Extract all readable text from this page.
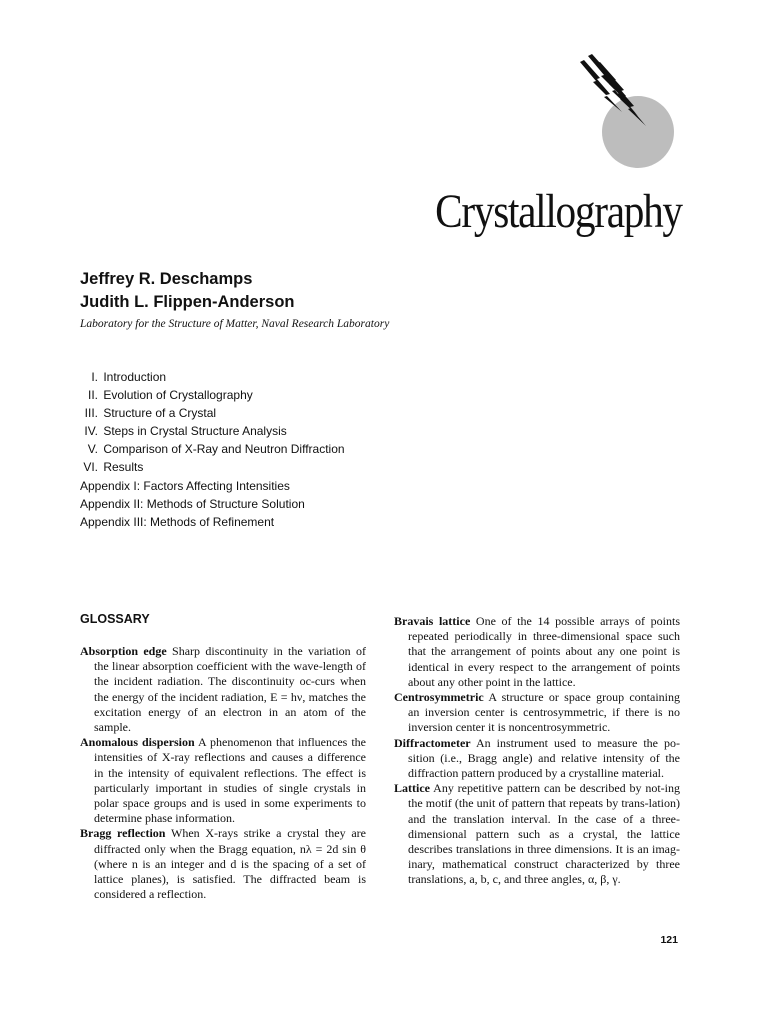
Crystallography
Jeffrey R. Deschamps
Judith L. Flippen-Anderson
Laboratory for the Structure of Matter, Naval Research Laboratory
I. Introduction
II. Evolution of Crystallography
III. Structure of a Crystal
IV. Steps in Crystal Structure Analysis
V. Comparison of X-Ray and Neutron Diffraction
VI. Results
Appendix I: Factors Affecting Intensities
Appendix II: Methods of Structure Solution
Appendix III: Methods of Refinement
GLOSSARY
Absorption edge Sharp discontinuity in the variation of the linear absorption coefficient with the wave-length of the incident radiation. The discontinuity oc-curs when the energy of the incident radiation, E = hν, matches the excitation energy of an electron in an atom of the sample.
Anomalous dispersion A phenomenon that influences the intensities of X-ray reflections and causes a difference in the intensity of equivalent reflections. The effect is particularly important in studies of single crystals in polar space groups and is used in some experiments to determine phase information.
Bragg reflection When X-rays strike a crystal they are diffracted only when the Bragg equation, nλ = 2d sin θ (where n is an integer and d is the spacing of a set of lattice planes), is satisfied. The diffracted beam is considered a reflection.
Bravais lattice One of the 14 possible arrays of points repeated periodically in three-dimensional space such that the arrangement of points about any one point is identical in every respect to the arrangement of points about any other point in the lattice.
Centrosymmetric A structure or space group containing an inversion center is centrosymmetric, if there is no inversion center it is noncentrosymmetric.
Diffractometer An instrument used to measure the po-sition (i.e., Bragg angle) and relative intensity of the diffraction pattern produced by a crystalline material.
Lattice Any repetitive pattern can be described by not-ing the motif (the unit of pattern that repeats by trans-lation) and the translation interval. In the case of a three-dimensional pattern such as a crystal, the lattice describes translations in three dimensions. It is an imag-inary, mathematical construct characterized by three translations, a, b, c, and three angles, α, β, γ.
121
